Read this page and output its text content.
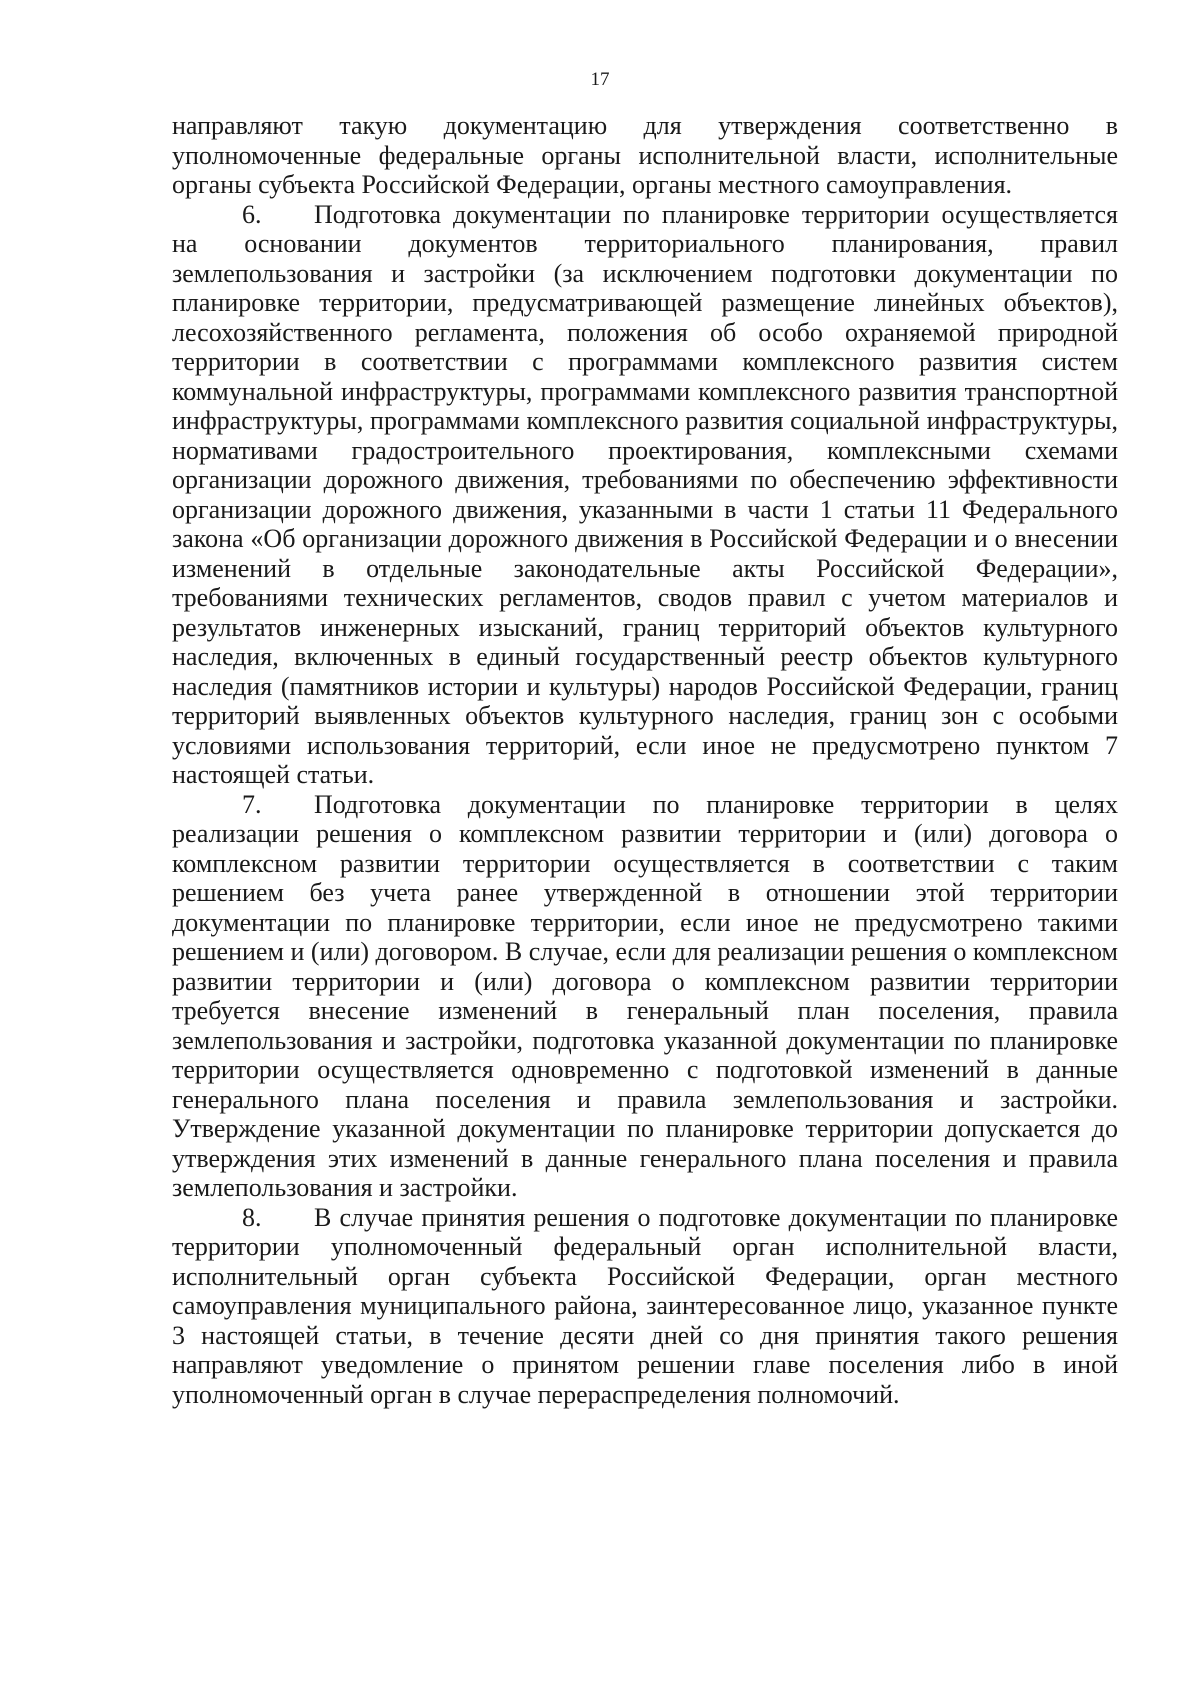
17

направляют такую документацию для утверждения соответственно в уполномоченные федеральные органы исполнительной власти, исполнительные органы субъекта Российской Федерации, органы местного самоуправления.

6. Подготовка документации по планировке территории осуществляется на основании документов территориального планирования, правил землепользования и застройки (за исключением подготовки документации по планировке территории, предусматривающей размещение линейных объектов), лесохозяйственного регламента, положения об особо охраняемой природной территории в соответствии с программами комплексного развития систем коммунальной инфраструктуры, программами комплексного развития транспортной инфраструктуры, программами комплексного развития социальной инфраструктуры, нормативами градостроительного проектирования, комплексными схемами организации дорожного движения, требованиями по обеспечению эффективности организации дорожного движения, указанными в части 1 статьи 11 Федерального закона «Об организации дорожного движения в Российской Федерации и о внесении изменений в отдельные законодательные акты Российской Федерации», требованиями технических регламентов, сводов правил с учетом материалов и результатов инженерных изысканий, границ территорий объектов культурного наследия, включенных в единый государственный реестр объектов культурного наследия (памятников истории и культуры) народов Российской Федерации, границ территорий выявленных объектов культурного наследия, границ зон с особыми условиями использования территорий, если иное не предусмотрено пунктом 7 настоящей статьи.

7. Подготовка документации по планировке территории в целях реализации решения о комплексном развитии территории и (или) договора о комплексном развитии территории осуществляется в соответствии с таким решением без учета ранее утвержденной в отношении этой территории документации по планировке территории, если иное не предусмотрено такими решением и (или) договором. В случае, если для реализации решения о комплексном развитии территории и (или) договора о комплексном развитии территории требуется внесение изменений в генеральный план поселения, правила землепользования и застройки, подготовка указанной документации по планировке территории осуществляется одновременно с подготовкой изменений в данные генерального плана поселения и правила землепользования и застройки. Утверждение указанной документации по планировке территории допускается до утверждения этих изменений в данные генерального плана поселения и правила землепользования и застройки.

8. В случае принятия решения о подготовке документации по планировке территории уполномоченный федеральный орган исполнительной власти, исполнительный орган субъекта Российской Федерации, орган местного самоуправления муниципального района, заинтересованное лицо, указанное пункте 3 настоящей статьи, в течение десяти дней со дня принятия такого решения направляют уведомление о принятом решении главе поселения либо в иной уполномоченный орган в случае перераспределения полномочий.
